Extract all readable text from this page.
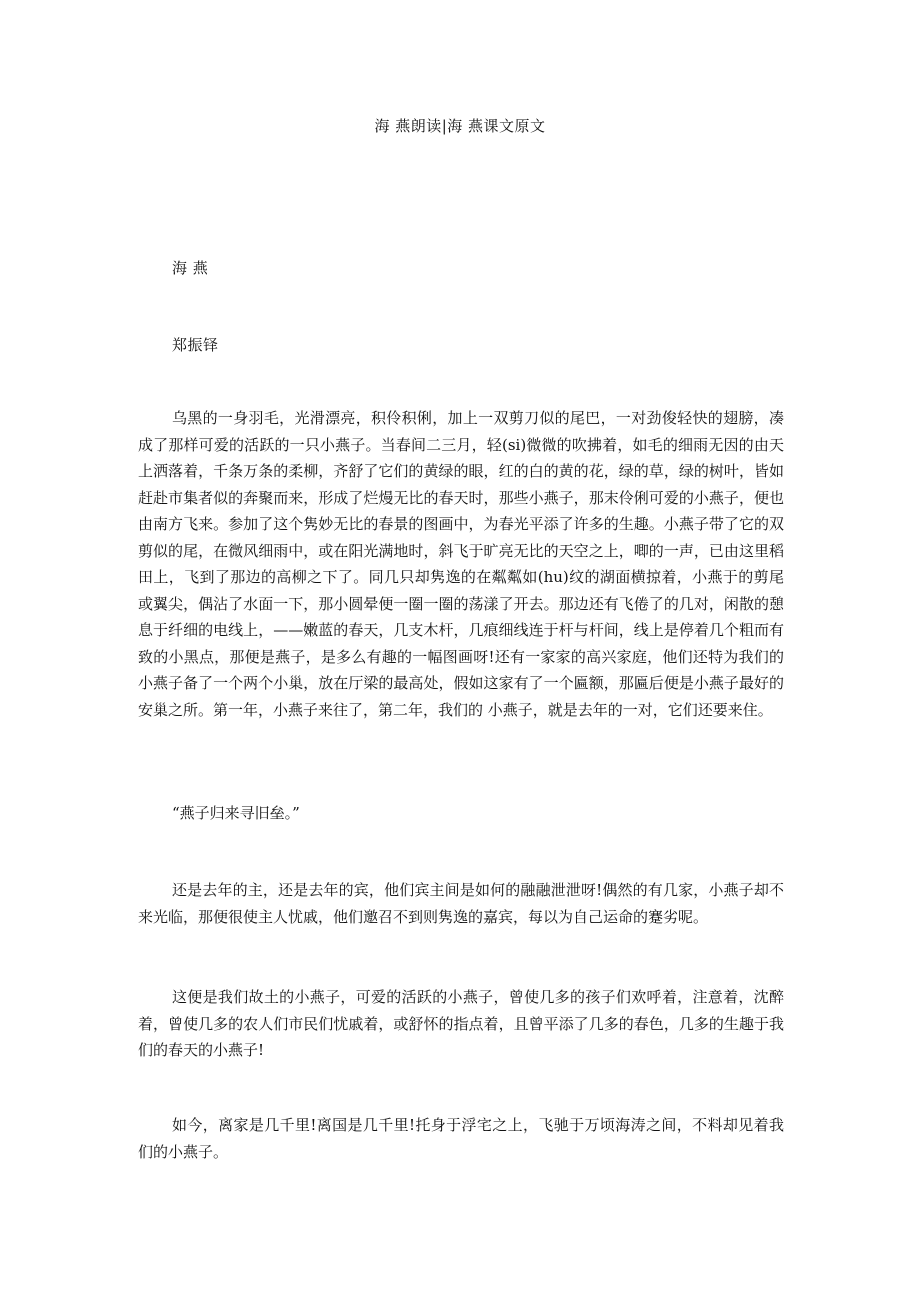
海 燕朗读|海 燕课文原文

海 燕

郑振铎

乌黑的一身羽毛，光滑漂亮，积伶积俐，加上一双剪刀似的尾巴，一对劲俊轻快的翅膀，凑成了那样可爱的活跃的一只小燕子。当春间二三月，轻(si)微微的吹拂着，如毛的细雨无因的由天上洒落着，千条万条的柔柳，齐舒了它们的黄绿的眼，红的白的黄的花，绿的草，绿的树叶，皆如赶赴市集者似的奔聚而来，形成了烂熳无比的春天时，那些小燕子，那末伶俐可爱的小燕子，便也由南方飞来。参加了这个隽妙无比的春景的图画中，为春光平添了许多的生趣。小燕子带了它的双剪似的尾，在微风细雨中，或在阳光满地时，斜飞于旷亮无比的天空之上，唧的一声，已由这里稻田上，飞到了那边的高柳之下了。同几只却隽逸的在粼粼如(hu)纹的湖面横掠着，小燕于的剪尾或翼尖，偶沾了水面一下，那小圆晕便一圈一圈的荡漾了开去。那边还有飞倦了的几对，闲散的憩息于纤细的电线上，——嫩蓝的春天，几支木杆，几痕细线连于杆与杆间，线上是停着几个粗而有致的小黑点，那便是燕子，是多么有趣的一幅图画呀!还有一家家的高兴家庭，他们还特为我们的小燕子备了一个两个小巢，放在厅梁的最高处，假如这家有了一个匾额，那匾后便是小燕子最好的安巢之所。第一年，小燕子来往了，第二年，我们的 小燕子，就是去年的一对，它们还要来住。

“燕子归来寻旧垒。”

还是去年的主，还是去年的宾，他们宾主间是如何的融融泄泄呀!偶然的有几家，小燕子却不来光临，那便很使主人忧戚，他们邀召不到则隽逸的嘉宾，每以为自己运命的蹇劣呢。

这便是我们故土的小燕子，可爱的活跃的小燕子，曾使几多的孩子们欢呼着，注意着，沈醉着，曾使几多的农人们市民们忧戚着，或舒怀的指点着，且曾平添了几多的春色，几多的生趣于我们的春天的小燕子!

如今，离家是几千里!离国是几千里!托身于浮宅之上，飞驰于万顷海涛之间，不料却见着我们的小燕子。
